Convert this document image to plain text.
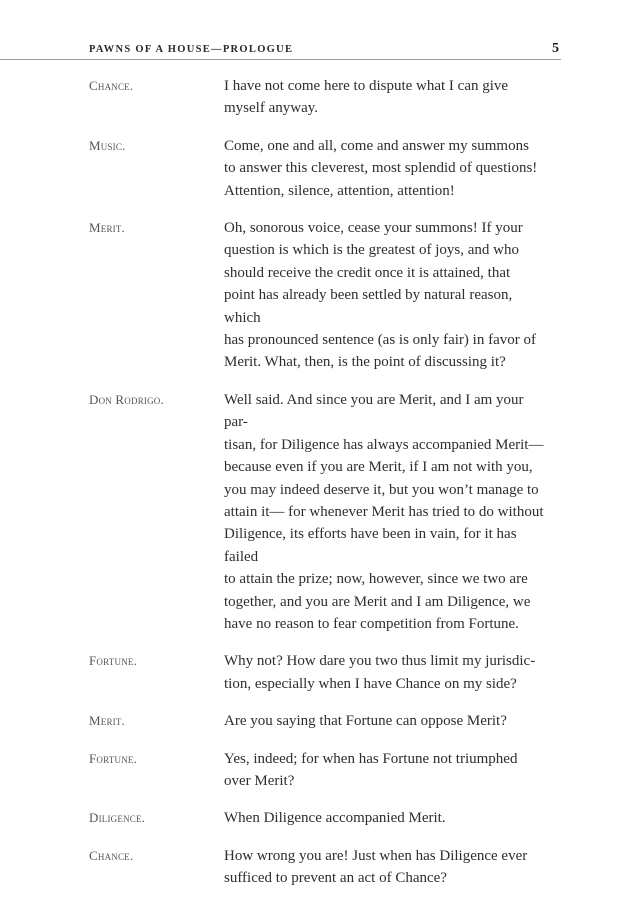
PAWNS OF A HOUSE—PROLOGUE	5
Chance.	I have not come here to dispute what I can give
myself anyway.
Music.	Come, one and all, come and answer my summons
to answer this cleverest, most splendid of questions!
Attention, silence, attention, attention!
Merit.	Oh, sonorous voice, cease your summons! If your
question is which is the greatest of joys, and who
should receive the credit once it is attained, that
point has already been settled by natural reason, which
has pronounced sentence (as is only fair) in favor of
Merit. What, then, is the point of discussing it?
Don Rodrigo.	Well said. And since you are Merit, and I am your par-
tisan, for Diligence has always accompanied Merit—
because even if you are Merit, if I am not with you,
you may indeed deserve it, but you won’t manage to
attain it— for whenever Merit has tried to do without
Diligence, its efforts have been in vain, for it has failed
to attain the prize; now, however, since we two are
together, and you are Merit and I am Diligence, we
have no reason to fear competition from Fortune.
Fortune.	Why not? How dare you two thus limit my jurisdic-
tion, especially when I have Chance on my side?
Merit.	Are you saying that Fortune can oppose Merit?
Fortune.	Yes, indeed; for when has Fortune not triumphed
over Merit?
Diligence.	When Diligence accompanied Merit.
Chance.	How wrong you are! Just when has Diligence ever
sufficed to prevent an act of Chance?
